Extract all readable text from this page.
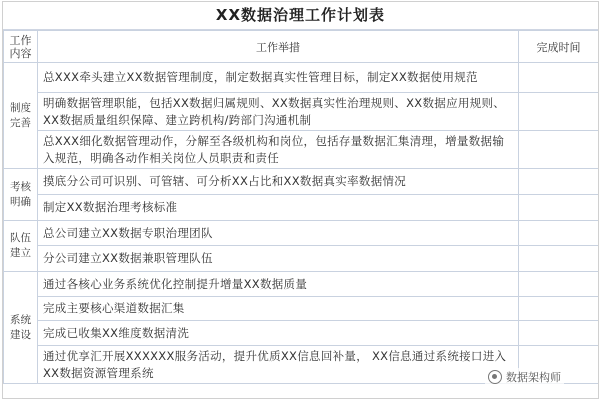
XX数据治理工作计划表
工作内容	工作举措	完成时间
制度完善	总XXX牵头建立XX数据管理制度，制定数据真实性管理目标，制定XX数据使用规范	
	明确数据管理职能，包括XX数据归属规则、XX数据真实性治理规则、XX数据应用规则、XX数据质量组织保障、建立跨机构/跨部门沟通机制	
	总XXX细化数据管理动作，分解至各级机构和岗位，包括存量数据汇集清理，增量数据输入规范，明确各动作相关岗位人员职责和责任	
考核明确	摸底分公司可识别、可管辖、可分析XX占比和XX数据真实率数据情况	
	制定XX数据治理考核标准	
队伍建立	总公司建立XX数据专职治理团队	
	分公司建立XX数据兼职管理队伍	
系统建设	通过各核心业务系统优化控制提升增量XX数据质量	
	完成主要核心渠道数据汇集	
	完成已收集XX维度数据清洗	
	通过优享汇开展XXXXXX服务活动，提升优质XX信息回补量， XX信息通过系统接口进入XX数据资源管理系统		数据架构师
